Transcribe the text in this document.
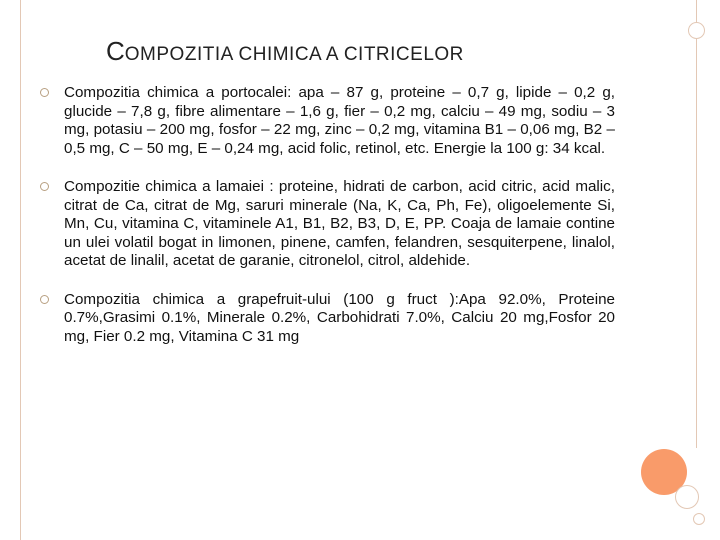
COMPOZITIA CHIMICA A CITRICELOR
Compozitia chimica a portocalei: apa – 87 g, proteine – 0,7 g, lipide – 0,2 g, glucide – 7,8 g, fibre alimentare – 1,6 g, fier – 0,2 mg, calciu – 49 mg, sodiu – 3 mg, potasiu – 200 mg, fosfor – 22 mg, zinc – 0,2 mg, vitamina B1 – 0,06 mg, B2 – 0,5 mg, C – 50 mg, E – 0,24 mg, acid folic, retinol, etc. Energie la 100 g: 34 kcal.
Compozitie chimica a lamaiei : proteine, hidrati de carbon, acid citric, acid malic, citrat de Ca, citrat de Mg, saruri minerale (Na, K, Ca, Ph, Fe), oligoelemente Si, Mn, Cu, vitamina C, vitaminele A1, B1, B2, B3, D, E, PP. Coaja de lamaie contine un ulei volatil bogat in limonen, pinene, camfen, felandren, sesquiterpene, linalol, acetat de linalil, acetat de garanie, citronelol, citrol, aldehide.
Compozitia chimica a grapefruit-ului (100 g fruct ):Apa 92.0%, Proteine 0.7%,Grasimi 0.1%, Minerale 0.2%, Carbohidrati 7.0%, Calciu 20 mg,Fosfor 20 mg, Fier 0.2 mg, Vitamina C 31 mg
